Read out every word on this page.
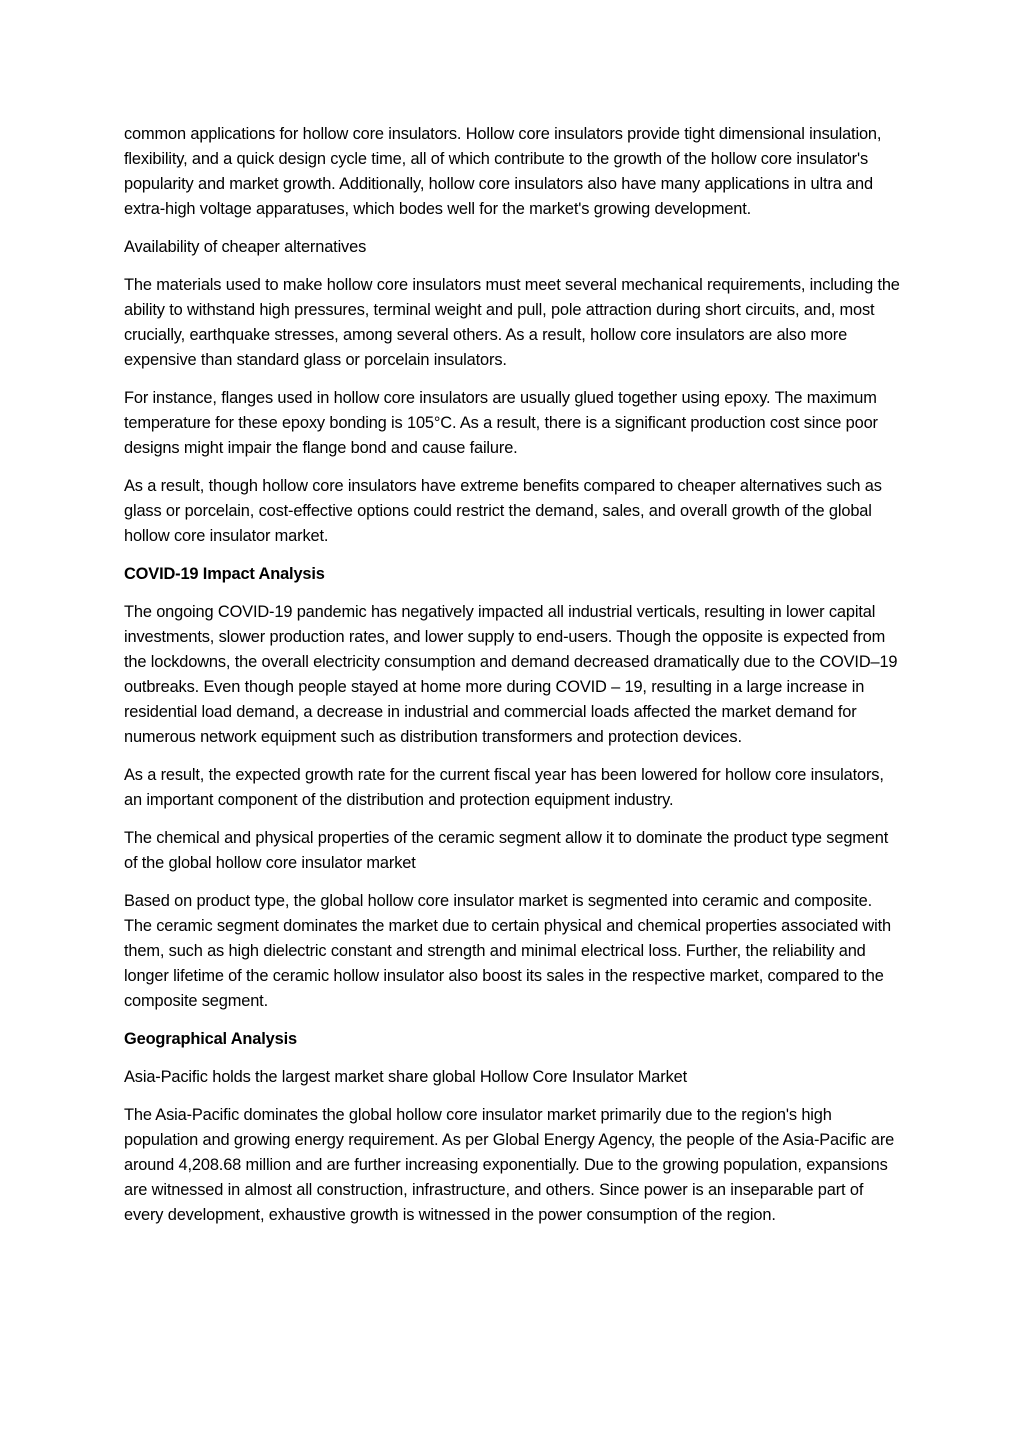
common applications for hollow core insulators. Hollow core insulators provide tight dimensional insulation, flexibility, and a quick design cycle time, all of which contribute to the growth of the hollow core insulator's popularity and market growth. Additionally, hollow core insulators also have many applications in ultra and extra-high voltage apparatuses, which bodes well for the market's growing development.

Availability of cheaper alternatives

The materials used to make hollow core insulators must meet several mechanical requirements, including the ability to withstand high pressures, terminal weight and pull, pole attraction during short circuits, and, most crucially, earthquake stresses, among several others. As a result, hollow core insulators are also more expensive than standard glass or porcelain insulators.

For instance, flanges used in hollow core insulators are usually glued together using epoxy. The maximum temperature for these epoxy bonding is 105°C. As a result, there is a significant production cost since poor designs might impair the flange bond and cause failure.

As a result, though hollow core insulators have extreme benefits compared to cheaper alternatives such as glass or porcelain, cost-effective options could restrict the demand, sales, and overall growth of the global hollow core insulator market.

COVID-19 Impact Analysis

The ongoing COVID-19 pandemic has negatively impacted all industrial verticals, resulting in lower capital investments, slower production rates, and lower supply to end-users. Though the opposite is expected from the lockdowns, the overall electricity consumption and demand decreased dramatically due to the COVID–19 outbreaks. Even though people stayed at home more during COVID – 19, resulting in a large increase in residential load demand, a decrease in industrial and commercial loads affected the market demand for numerous network equipment such as distribution transformers and protection devices.

As a result, the expected growth rate for the current fiscal year has been lowered for hollow core insulators, an important component of the distribution and protection equipment industry.

The chemical and physical properties of the ceramic segment allow it to dominate the product type segment of the global hollow core insulator market

Based on product type, the global hollow core insulator market is segmented into ceramic and composite. The ceramic segment dominates the market due to certain physical and chemical properties associated with them, such as high dielectric constant and strength and minimal electrical loss. Further, the reliability and longer lifetime of the ceramic hollow insulator also boost its sales in the respective market, compared to the composite segment.

Geographical Analysis

Asia-Pacific holds the largest market share global Hollow Core Insulator Market

The Asia-Pacific dominates the global hollow core insulator market primarily due to the region's high population and growing energy requirement. As per Global Energy Agency, the people of the Asia-Pacific are around 4,208.68 million and are further increasing exponentially. Due to the growing population, expansions are witnessed in almost all construction, infrastructure, and others. Since power is an inseparable part of every development, exhaustive growth is witnessed in the power consumption of the region.
